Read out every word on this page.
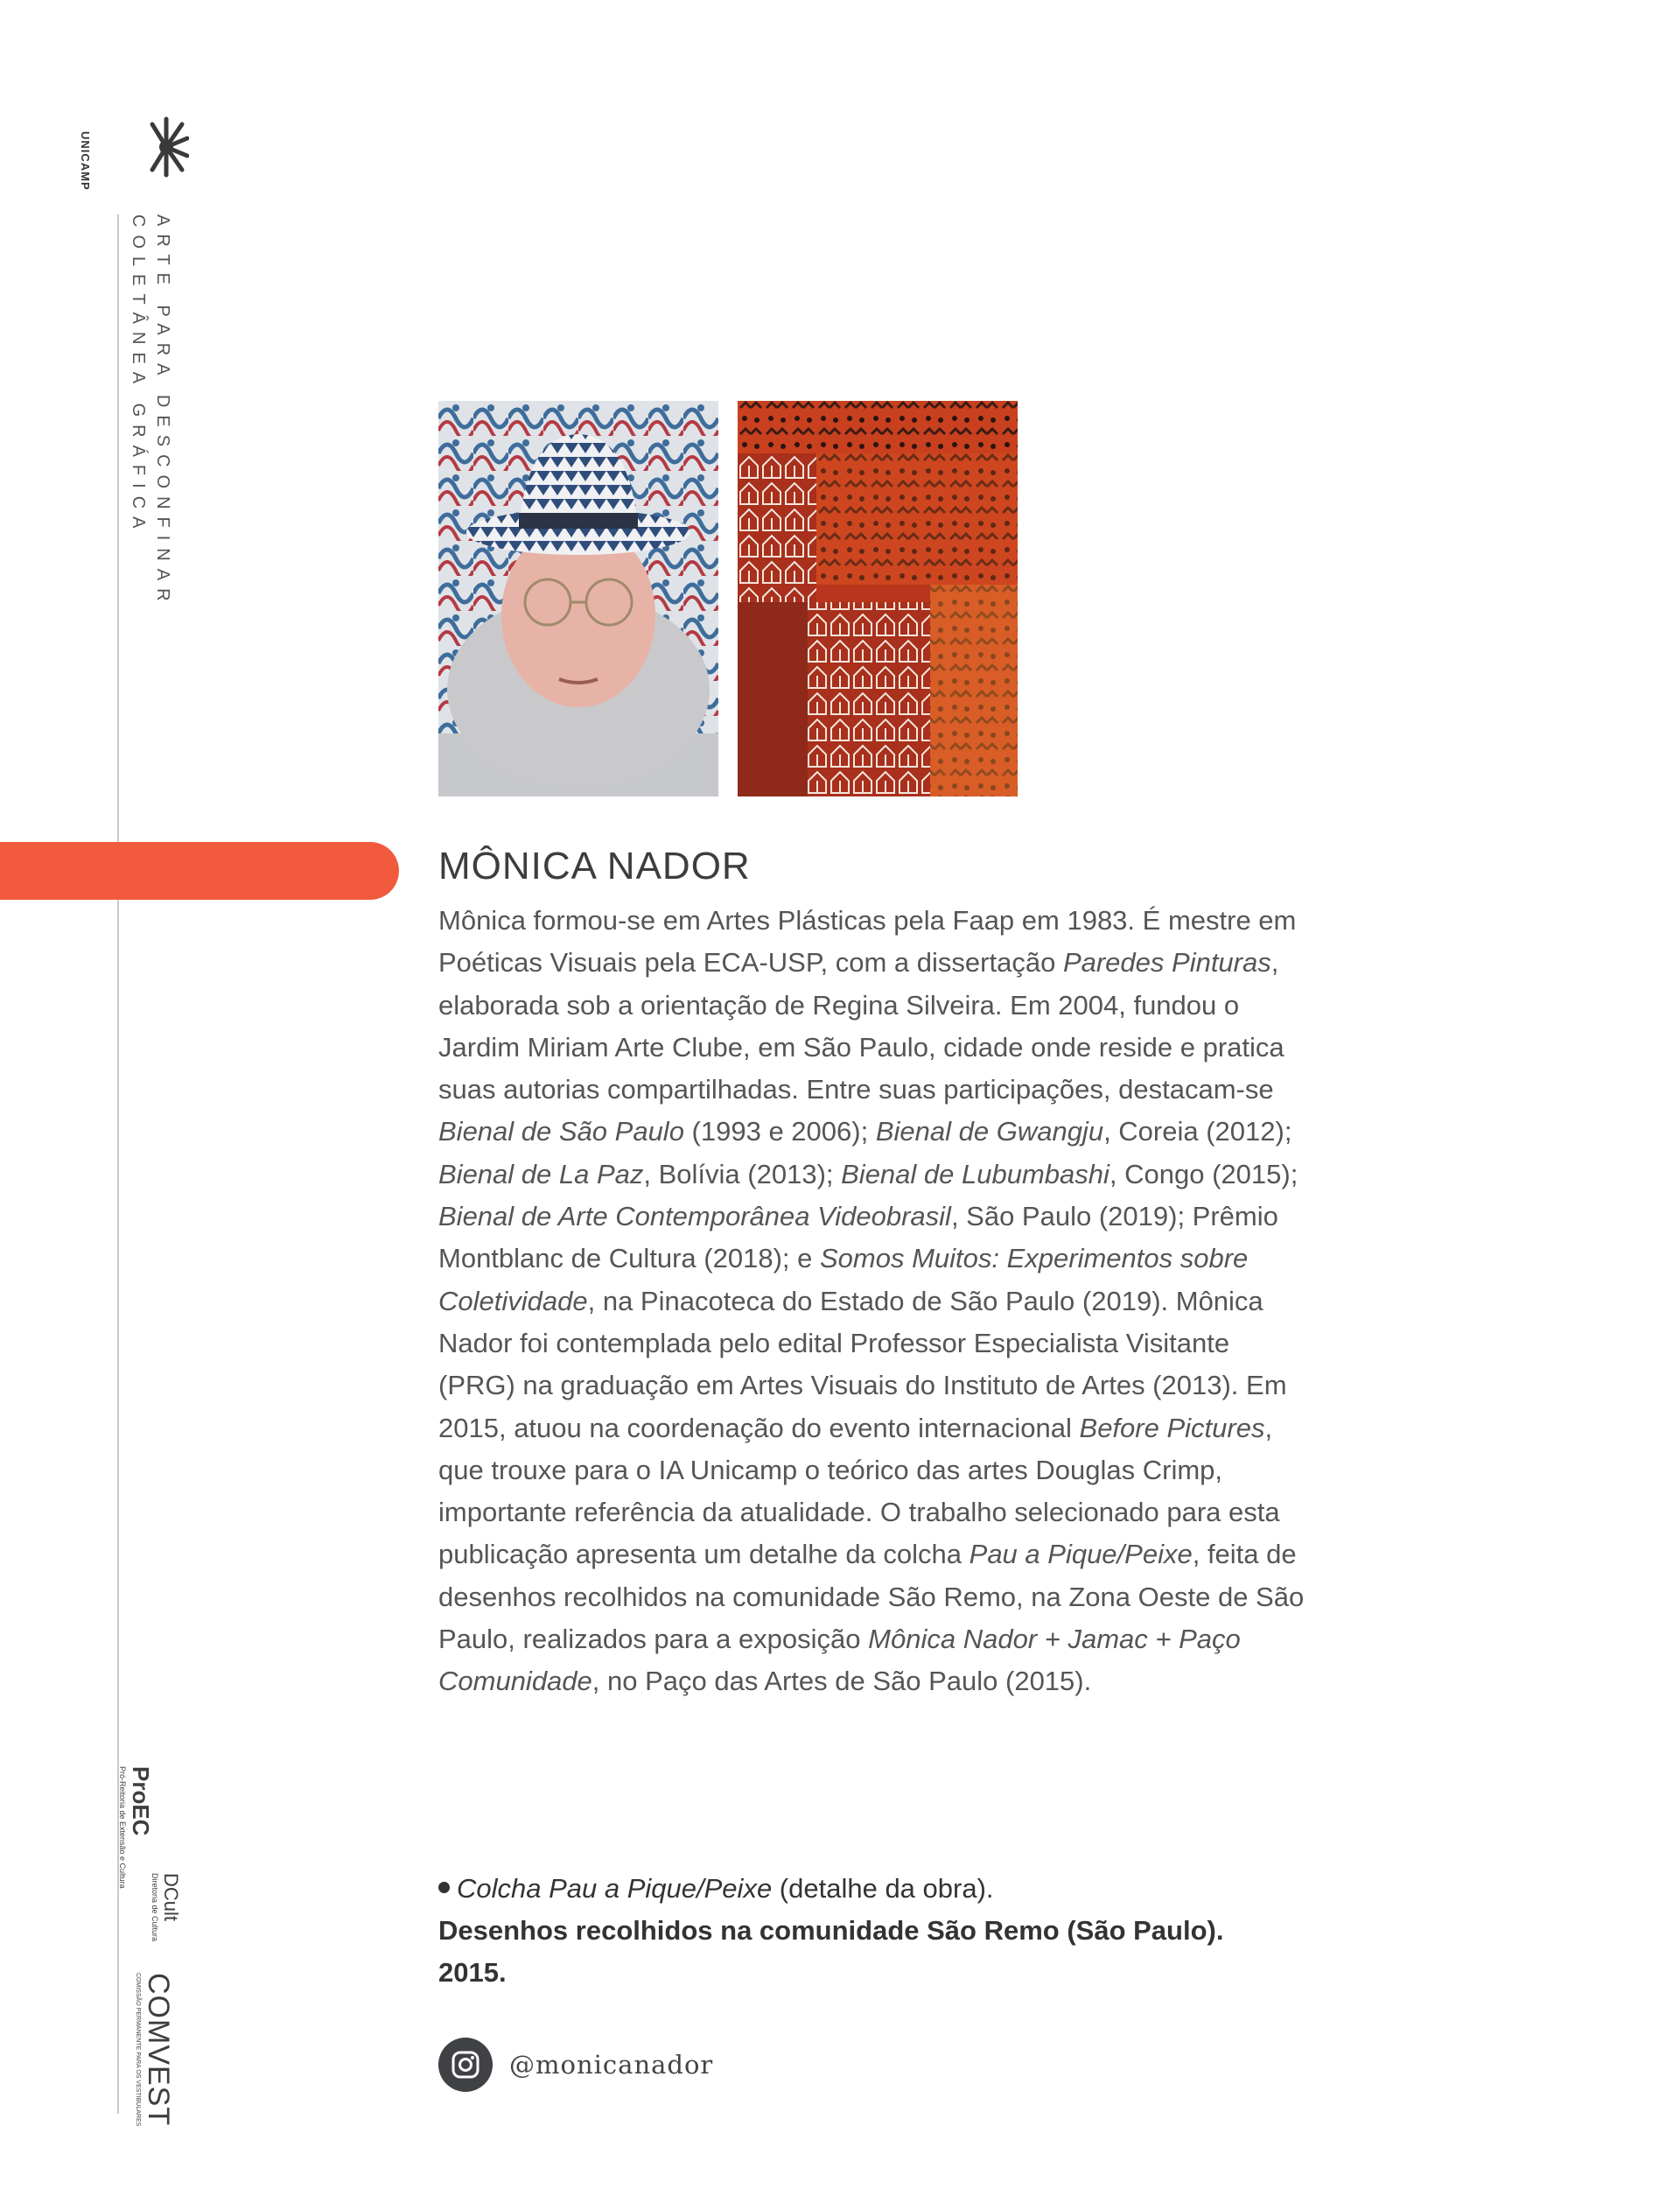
UNICAMP
ARTE PARA DESCONFINAR
COLETÂNEA GRÁFICA
ProEC
Pró-Reitoria de Extensão e Cultura
DCult
Diretoria de Cultura
COMVEST
COMISSÃO PERMANENTE PARA OS VESTIBULARES
MÔNICA NADOR

Mônica formou-se em Artes Plásticas pela Faap em 1983. É mestre em Poéticas Visuais pela ECA-USP, com a dissertação Paredes Pinturas, elaborada sob a orientação de Regina Silveira. Em 2004, fundou o Jardim Miriam Arte Clube, em São Paulo, cidade onde reside e pratica suas autorias compartilhadas. Entre suas participações, destacam-se Bienal de São Paulo (1993 e 2006); Bienal de Gwangju, Coreia (2012); Bienal de La Paz, Bolívia (2013); Bienal de Lubumbashi, Congo (2015); Bienal de Arte Contemporânea Videobrasil, São Paulo (2019); Prêmio Montblanc de Cultura (2018); e Somos Muitos: Experimentos sobre Coletividade, na Pinacoteca do Estado de São Paulo (2019). Mônica Nador foi contemplada pelo edital Professor Especialista Visitante (PRG) na graduação em Artes Visuais do Instituto de Artes (2013). Em 2015, atuou na coordenação do evento internacional Before Pictures, que trouxe para o IA Unicamp o teórico das artes Douglas Crimp, importante referência da atualidade. O trabalho selecionado para esta publicação apresenta um detalhe da colcha Pau a Pique/Peixe, feita de desenhos recolhidos na comunidade São Remo, na Zona Oeste de São Paulo, realizados para a exposição Mônica Nador + Jamac + Paço Comunidade, no Paço das Artes de São Paulo (2015).

Colcha Pau a Pique/Peixe (detalhe da obra).
Desenhos recolhidos na comunidade São Remo (São Paulo).
2015.

@monicanador
